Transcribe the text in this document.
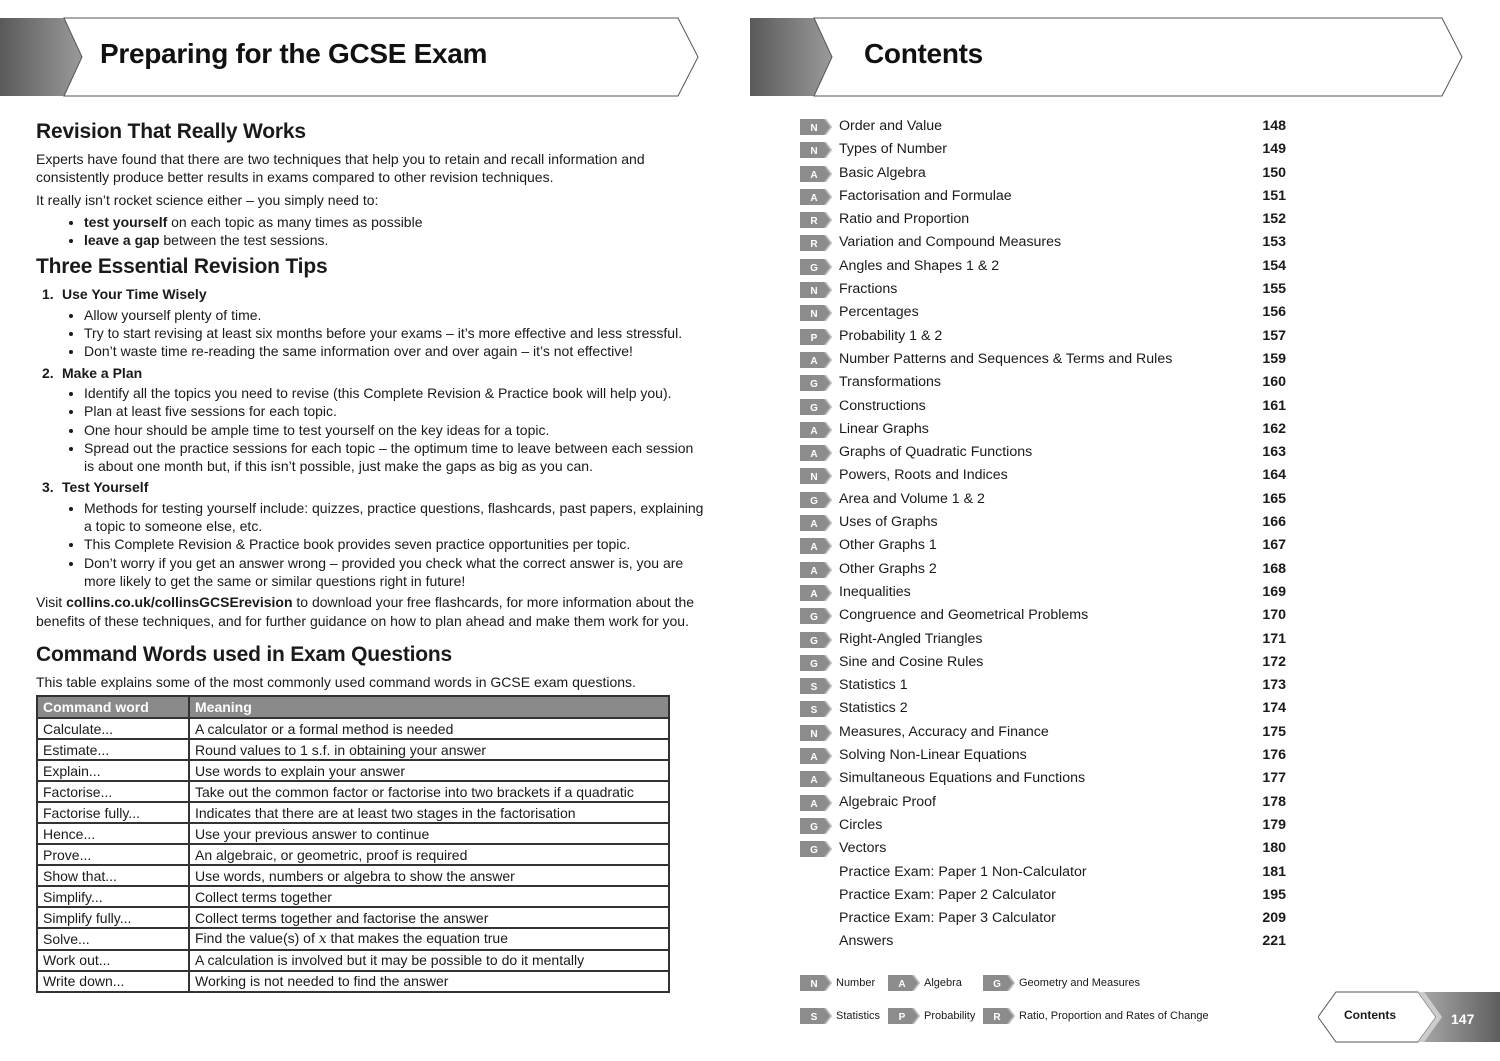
Preparing for the GCSE Exam	Contents
Revision That Really Works

Experts have found that there are two techniques that help you to retain and recall information and consistently produce better results in exams compared to other revision techniques.

It really isn’t rocket science either – you simply need to:

• test yourself on each topic as many times as possible
• leave a gap between the test sessions.
Three Essential Revision Tips
1. Use Your Time Wisely
• Allow yourself plenty of time.
• Try to start revising at least six months before your exams – it’s more effective and less stressful.
• Don’t waste time re-reading the same information over and over again – it’s not effective!
2. Make a Plan
• Identify all the topics you need to revise (this Complete Revision & Practice book will help you).
• Plan at least five sessions for each topic.
• One hour should be ample time to test yourself on the key ideas for a topic.
• Spread out the practice sessions for each topic – the optimum time to leave between each session is about one month but, if this isn’t possible, just make the gaps as big as you can.
3. Test Yourself
• Methods for testing yourself include: quizzes, practice questions, flashcards, past papers, explaining a topic to someone else, etc.
• This Complete Revision & Practice book provides seven practice opportunities per topic.
• Don’t worry if you get an answer wrong – provided you check what the correct answer is, you are more likely to get the same or similar questions right in future!

Visit collins.co.uk/collinsGCSErevision to download your free flashcards, for more information about the benefits of these techniques, and for further guidance on how to plan ahead and make them work for you.

Command Words used in Exam Questions

This table explains some of the most commonly used command words in GCSE exam questions.

Command word	Meaning
Calculate...	A calculator or a formal method is needed
Estimate...	Round values to 1 s.f. in obtaining your answer
Explain...	Use words to explain your answer
Factorise...	Take out the common factor or factorise into two brackets if a quadratic
Factorise fully...	Indicates that there are at least two stages in the factorisation
Hence...	Use your previous answer to continue
Prove...	An algebraic, or geometric, proof is required
Show that...	Use words, numbers or algebra to show the answer
Simplify...	Collect terms together
Simplify fully...	Collect terms together and factorise the answer
Solve...	Find the value(s) of x that makes the equation true
Work out...	A calculation is involved but it may be possible to do it mentally
Write down...	Working is not needed to find the answer
N Order and Value	148
N Types of Number	149
A Basic Algebra	150
A Factorisation and Formulae	151
R Ratio and Proportion	152
R Variation and Compound Measures	153
G Angles and Shapes 1 & 2	154
N Fractions	155
N Percentages	156
P Probability 1 & 2	157
A Number Patterns and Sequences & Terms and Rules	159
G Transformations	160
G Constructions	161
A Linear Graphs	162
A Graphs of Quadratic Functions	163
N Powers, Roots and Indices	164
G Area and Volume 1 & 2	165
A Uses of Graphs	166
A Other Graphs 1	167
A Other Graphs 2	168
A Inequalities	169
G Congruence and Geometrical Problems	170
G Right-Angled Triangles	171
G Sine and Cosine Rules	172
S Statistics 1	173
S Statistics 2	174
N Measures, Accuracy and Finance	175
A Solving Non-Linear Equations	176
A Simultaneous Equations and Functions	177
A Algebraic Proof	178
G Circles	179
G Vectors	180
Practice Exam: Paper 1 Non-Calculator	181
Practice Exam: Paper 2 Calculator	195
Practice Exam: Paper 3 Calculator	209
Answers	221
N Number A Algebra	G Geometry and Measures
S Statistics P Probability R Ratio, Proportion and Rates of Change	Contents	147
